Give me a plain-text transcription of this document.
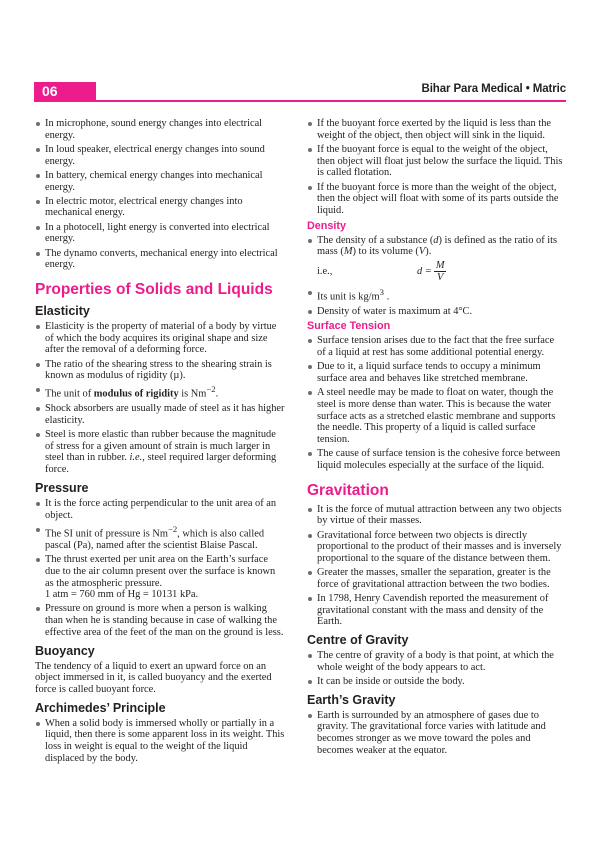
06	Bihar Para Medical • Matric
In microphone, sound energy changes into electrical energy.
In loud speaker, electrical energy changes into sound energy.
In battery, chemical energy changes into mechanical energy.
In electric motor, electrical energy changes into mechanical energy.
In a photocell, light energy is converted into electrical energy.
The dynamo converts, mechanical energy into electrical energy.
Properties of Solids and Liquids
Elasticity
Elasticity is the property of material of a body by virtue of which the body acquires its original shape and size after the removal of a deforming force.
The ratio of the shearing stress to the shearing strain is known as modulus of rigidity (µ).
The unit of modulus of rigidity is $Nm^{-2}$.
Shock absorbers are usually made of steel as it has higher elasticity.
Steel is more elastic than rubber because the magnitude of stress for a given amount of strain is much larger in steel than in rubber. i.e., steel required larger deforming force.
Pressure
It is the force acting perpendicular to the unit area of an object.
The SI unit of pressure is $Nm^{-2}$, which is also called pascal (Pa), named after the scientist Blaise Pascal.
The thrust exerted per unit area on the Earth’s surface due to the air column present over the surface is known as the atmospheric pressure.
1 atm = 760 mm of Hg = 10131 kPa.
Pressure on ground is more when a person is walking than when he is standing because in case of walking the effective area of the feet of the man on the ground is less.
Buoyancy

The tendency of a liquid to exert an upward force on an object immersed in it, is called buoyancy and the exerted force is called buoyant force.

Archimedes’ Principle
When a solid body is immersed wholly or partially in a liquid, then there is some apparent loss in its weight. This loss in weight is equal to the weight of the liquid displaced by the body.
If the buoyant force exerted by the liquid is less than the weight of the object, then object will sink in the liquid.
If the buoyant force is equal to the weight of the object, then object will float just below the surface the liquid. This is called flotation.
If the buoyant force is more than the weight of the object, then the object will float with some of its parts outside the liquid.
Density
The density of a substance (d) is defined as the ratio of its mass (M) to its volume (V).
i.e.,	$d = \frac{M}{V}$
Its unit is $kg/m^3$ .
Density of water is maximum at 4°C.
Surface Tension
Surface tension arises due to the fact that the free surface of a liquid at rest has some additional potential energy.
Due to it, a liquid surface tends to occupy a minimum surface area and behaves like stretched membrane.
A steel needle may be made to float on water, though the steel is more dense than water. This is because the water surface acts as a stretched elastic membrane and supports the needle. This property of a liquid is called surface tension.
The cause of surface tension is the cohesive force between liquid molecules especially at the surface of the liquid.
Gravitation
It is the force of mutual attraction between any two objects by virtue of their masses.
Gravitational force between two objects is directly proportional to the product of their masses and is inversely proportional to the square of the distance between them.
Greater the masses, smaller the separation, greater is the force of gravitational attraction between the two bodies.
In 1798, Henry Cavendish reported the measurement of gravitational constant with the mass and density of the Earth.
Centre of Gravity
The centre of gravity of a body is that point, at which the whole weight of the body appears to act.
It can be inside or outside the body.
Earth’s Gravity
Earth is surrounded by an atmosphere of gases due to gravity. The gravitational force varies with latitude and becomes stronger as we move toward the poles and becomes weaker at the equator.
